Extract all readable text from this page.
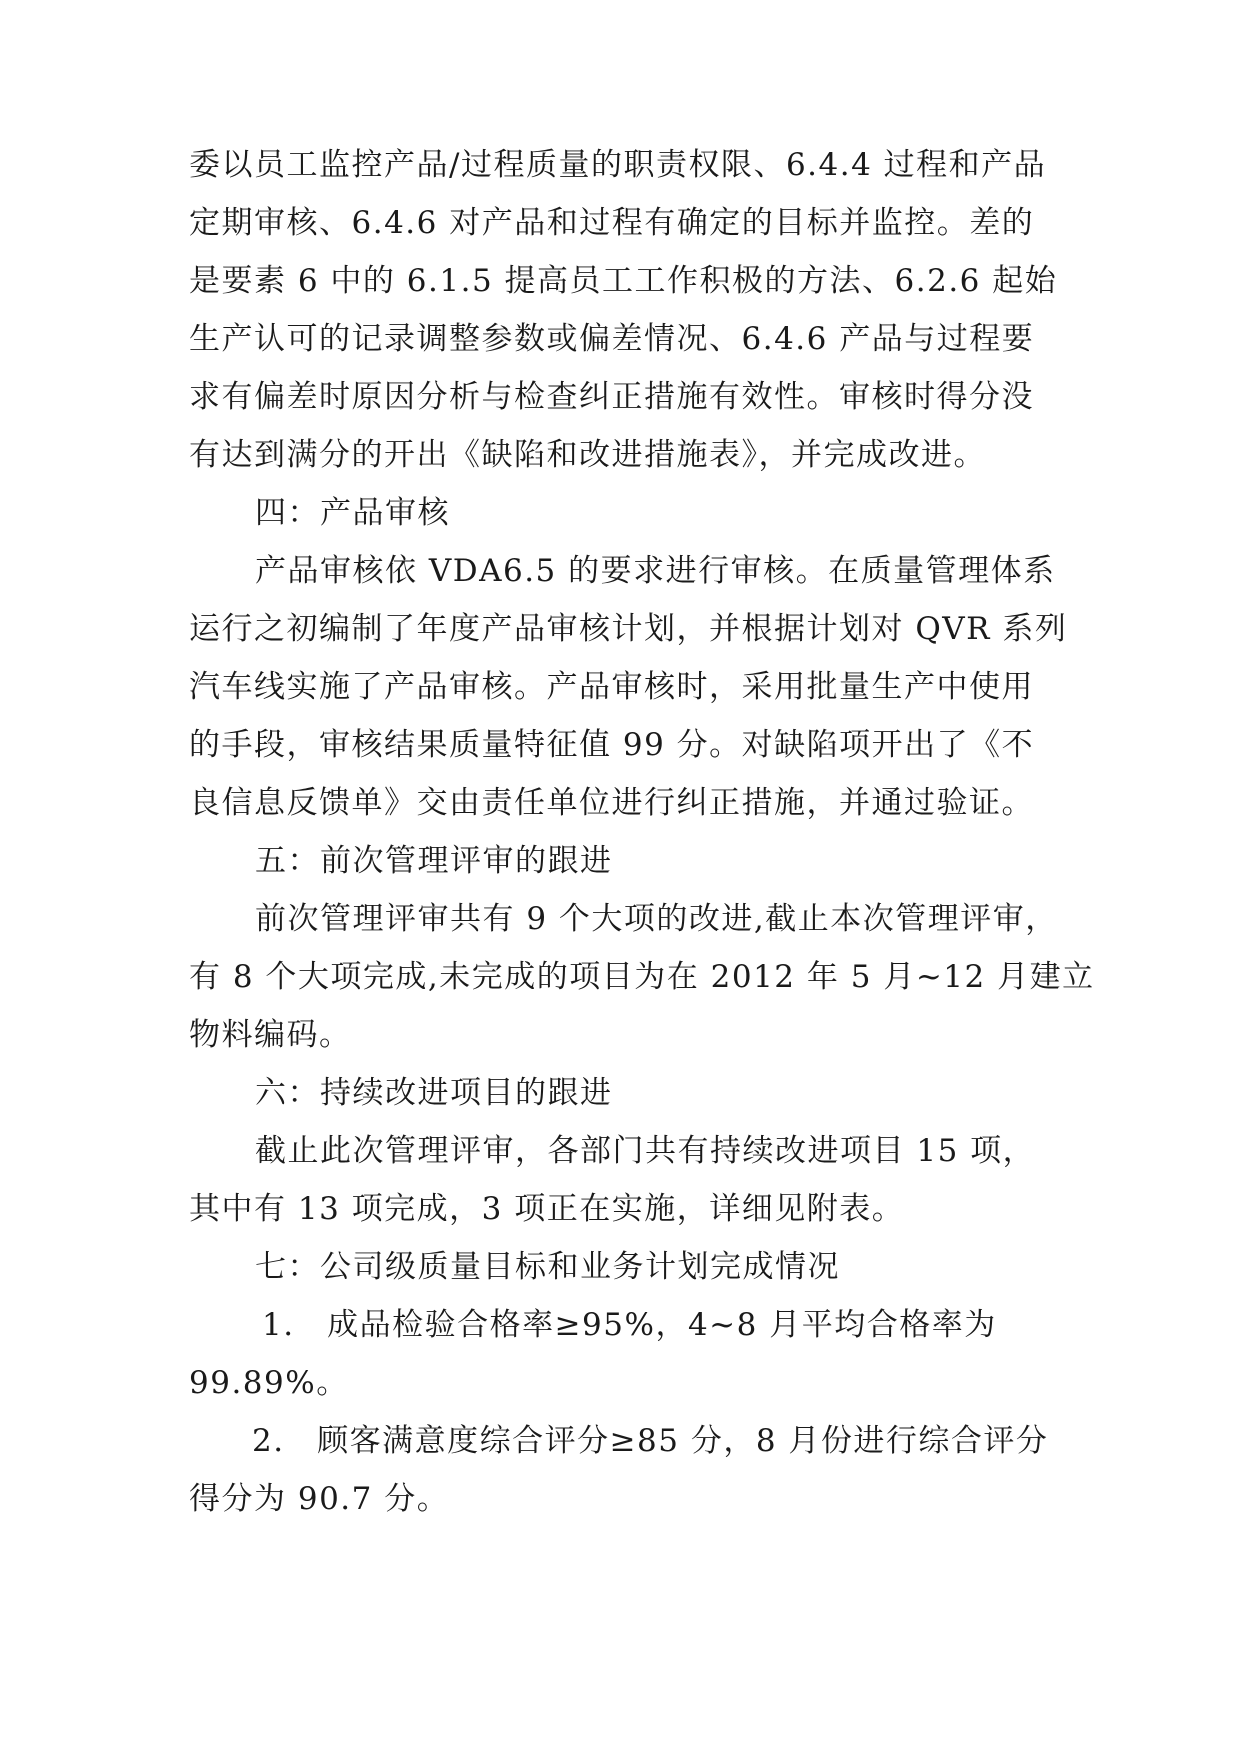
委以员工监控产品/过程质量的职责权限、6.4.4 过程和产品
定期审核、6.4.6 对产品和过程有确定的目标并监控。差的
是要素 6 中的 6.1.5 提高员工工作积极的方法、6.2.6 起始
生产认可的记录调整参数或偏差情况、6.4.6 产品与过程要
求有偏差时原因分析与检查纠正措施有效性。审核时得分没
有达到满分的开出《缺陷和改进措施表》，并完成改进。
四：产品审核
产品审核依 VDA6.5 的要求进行审核。在质量管理体系
运行之初编制了年度产品审核计划，并根据计划对 QVR 系列
汽车线实施了产品审核。产品审核时，采用批量生产中使用
的手段，审核结果质量特征值 99 分。对缺陷项开出了《不
良信息反馈单》交由责任单位进行纠正措施，并通过验证。
五：前次管理评审的跟进
前次管理评审共有 9 个大项的改进,截止本次管理评审，
有 8 个大项完成,未完成的项目为在 2012 年 5 月~12 月建立
物料编码。
六：持续改进项目的跟进
截止此次管理评审，各部门共有持续改进项目 15 项，
其中有 13 项完成，3 项正在实施，详细见附表。
七：公司级质量目标和业务计划完成情况
1.　成品检验合格率≥95%，4~8 月平均合格率为
99.89%。
2.　顾客满意度综合评分≥85 分，8 月份进行综合评分
得分为 90.7 分。
